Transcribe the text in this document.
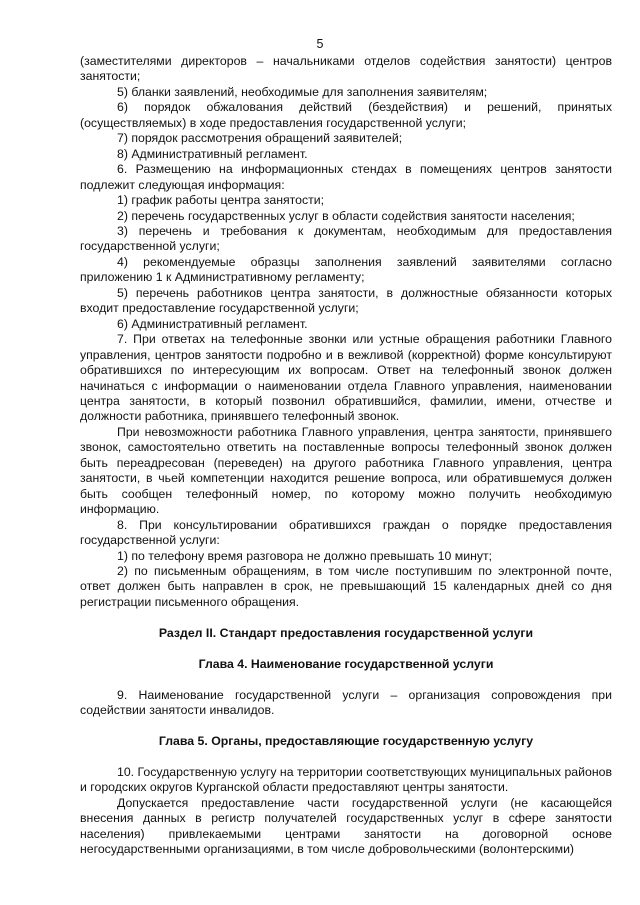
5

(заместителями директоров – начальниками отделов содействия занятости) центров занятости;

5) бланки заявлений, необходимые для заполнения заявителям;

6) порядок обжалования действий (бездействия) и решений, принятых (осуществляемых) в ходе предоставления государственной услуги;

7) порядок рассмотрения обращений заявителей;

8) Административный регламент.

6. Размещению на информационных стендах в помещениях центров занятости подлежит следующая информация:

1) график работы центра занятости;

2) перечень государственных услуг в области содействия занятости населения;

3) перечень и требования к документам, необходимым для предоставления государственной услуги;

4) рекомендуемые образцы заполнения заявлений заявителями согласно приложению 1 к Административному регламенту;

5) перечень работников центра занятости, в должностные обязанности которых входит предоставление государственной услуги;

6) Административный регламент.

7. При ответах на телефонные звонки или устные обращения работники Главного управления, центров занятости подробно и в вежливой (корректной) форме консультируют обратившихся по интересующим их вопросам. Ответ на телефонный звонок должен начинаться с информации о наименовании отдела Главного управления, наименовании центра занятости, в который позвонил обратившийся, фамилии, имени, отчестве и должности работника, принявшего телефонный звонок.

При невозможности работника Главного управления, центра занятости, принявшего звонок, самостоятельно ответить на поставленные вопросы телефонный звонок должен быть переадресован (переведен) на другого работника Главного управления, центра занятости, в чьей компетенции находится решение вопроса, или обратившемуся должен быть сообщен телефонный номер, по которому можно получить необходимую информацию.

8. При консультировании обратившихся граждан о порядке предоставления государственной услуги:

1) по телефону время разговора не должно превышать 10 минут;

2) по письменным обращениям, в том числе поступившим по электронной почте, ответ должен быть направлен в срок, не превышающий 15 календарных дней со дня регистрации письменного обращения.

Раздел II. Стандарт предоставления государственной услуги
Глава 4. Наименование государственной услуги

9. Наименование государственной услуги – организация сопровождения при содействии занятости инвалидов.

Глава 5. Органы, предоставляющие государственную услугу

10. Государственную услугу на территории соответствующих муниципальных районов и городских округов Курганской области предоставляют центры занятости.

Допускается предоставление части государственной услуги (не касающейся внесения данных в регистр получателей государственных услуг в сфере занятости населения) привлекаемыми центрами занятости на договорной основе негосударственными организациями, в том числе добровольческими (волонтерскими)
